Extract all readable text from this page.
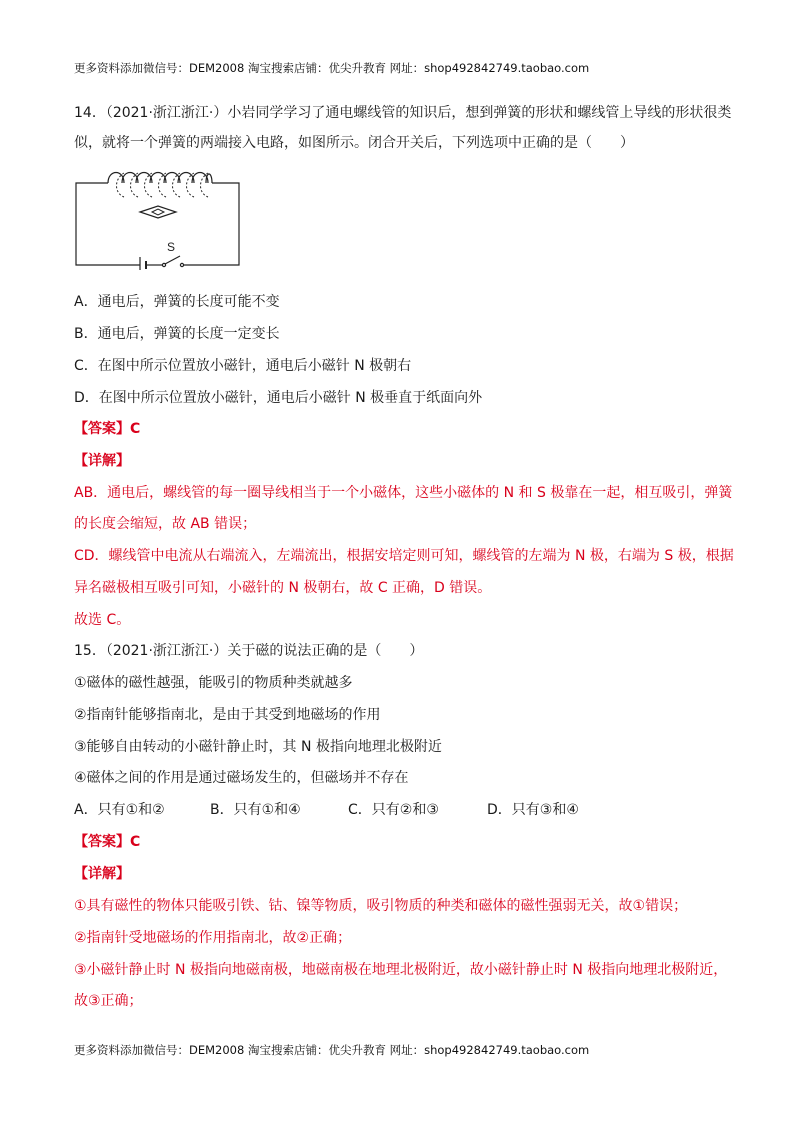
更多资料添加微信号：DEM2008 淘宝搜索店铺：优尖升教育 网址：shop492842749.taobao.com
14．（2021·浙江浙江·）小岩同学学习了通电螺线管的知识后，想到弹簧的形状和螺线管上导线的形状很类
似，就将一个弹簧的两端接入电路，如图所示。闭合开关后，下列选项中正确的是（　　）
S
A．通电后，弹簧的长度可能不变
B．通电后，弹簧的长度一定变长
C．在图中所示位置放小磁针，通电后小磁针 N 极朝右
D．在图中所示位置放小磁针，通电后小磁针 N 极垂直于纸面向外
【答案】C
【详解】
AB．通电后，螺线管的每一圈导线相当于一个小磁体，这些小磁体的 N 和 S 极靠在一起，相互吸引，弹簧
的长度会缩短，故 AB 错误；
CD．螺线管中电流从右端流入，左端流出，根据安培定则可知，螺线管的左端为 N 极，右端为 S 极，根据
异名磁极相互吸引可知，小磁针的 N 极朝右，故 C 正确，D 错误。
故选 C。
15．（2021·浙江浙江·）关于磁的说法正确的是（　　）
①磁体的磁性越强，能吸引的物质种类就越多
②指南针能够指南北，是由于其受到地磁场的作用
③能够自由转动的小磁针静止时，其 N 极指向地理北极附近
④磁体之间的作用是通过磁场发生的，但磁场并不存在
A．只有①和②	B．只有①和④	C．只有②和③	D．只有③和④
【答案】C
【详解】
①具有磁性的物体只能吸引铁、钴、镍等物质，吸引物质的种类和磁体的磁性强弱无关，故①错误；
②指南针受地磁场的作用指南北，故②正确；
③小磁针静止时 N 极指向地磁南极，地磁南极在地理北极附近，故小磁针静止时 N 极指向地理北极附近，
故③正确；
更多资料添加微信号：DEM2008 淘宝搜索店铺：优尖升教育 网址：shop492842749.taobao.com
